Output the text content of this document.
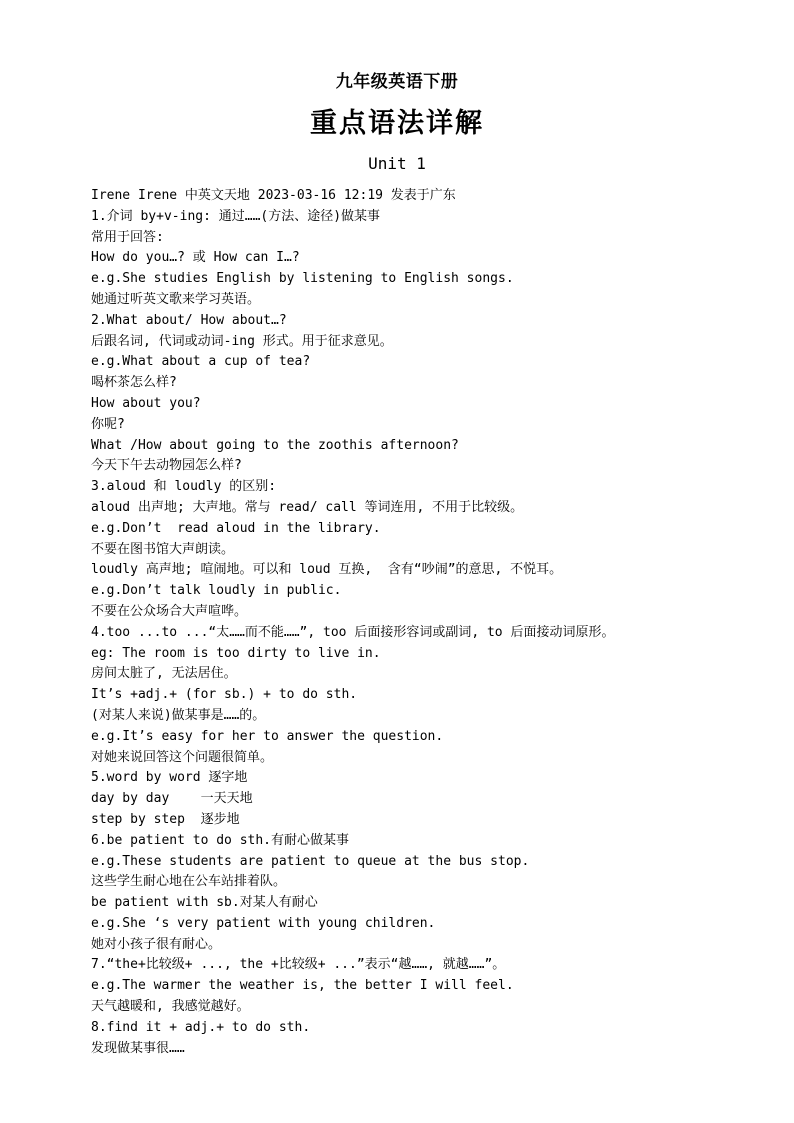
九年级英语下册
重点语法详解
Unit 1
Irene Irene 中英文天地 2023-03-16 12:19 发表于广东
1.介词 by+v-ing: 通过……(方法、途径)做某事
常用于回答:
How do you…? 或 How can I…?
e.g.She studies English by listening to English songs.
她通过听英文歌来学习英语。
2.What about/ How about…?
后跟名词, 代词或动词-ing 形式。用于征求意见。
e.g.What about a cup of tea?
喝杯茶怎么样?
How about you?
你呢?
What /How about going to the zoothis afternoon?
今天下午去动物园怎么样?
3.aloud 和 loudly 的区别:
aloud 出声地; 大声地。常与 read/ call 等词连用, 不用于比较级。
e.g.Don’t  read aloud in the library.
不要在图书馆大声朗读。
loudly 高声地; 喧闹地。可以和 loud 互换,  含有“吵闹”的意思, 不悦耳。
e.g.Don’t talk loudly in public.
不要在公众场合大声喧哗。
4.too ...to ...“太……而不能……”, too 后面接形容词或副词, to 后面接动词原形。
eg: The room is too dirty to live in.
房间太脏了, 无法居住。
It’s +adj.+ (for sb.) + to do sth.
(对某人来说)做某事是……的。
e.g.It’s easy for her to answer the question.
对她来说回答这个问题很简单。
5.word by word 逐字地
day by day    一天天地
step by step  逐步地
6.be patient to do sth.有耐心做某事
e.g.These students are patient to queue at the bus stop.
这些学生耐心地在公车站排着队。
be patient with sb.对某人有耐心
e.g.She ‘s very patient with young children.
她对小孩子很有耐心。
7.“the+比较级+ ..., the +比较级+ ...”表示“越……, 就越……”。
e.g.The warmer the weather is, the better I will feel.
天气越暖和, 我感觉越好。
8.find it + adj.+ to do sth.
发现做某事很……
